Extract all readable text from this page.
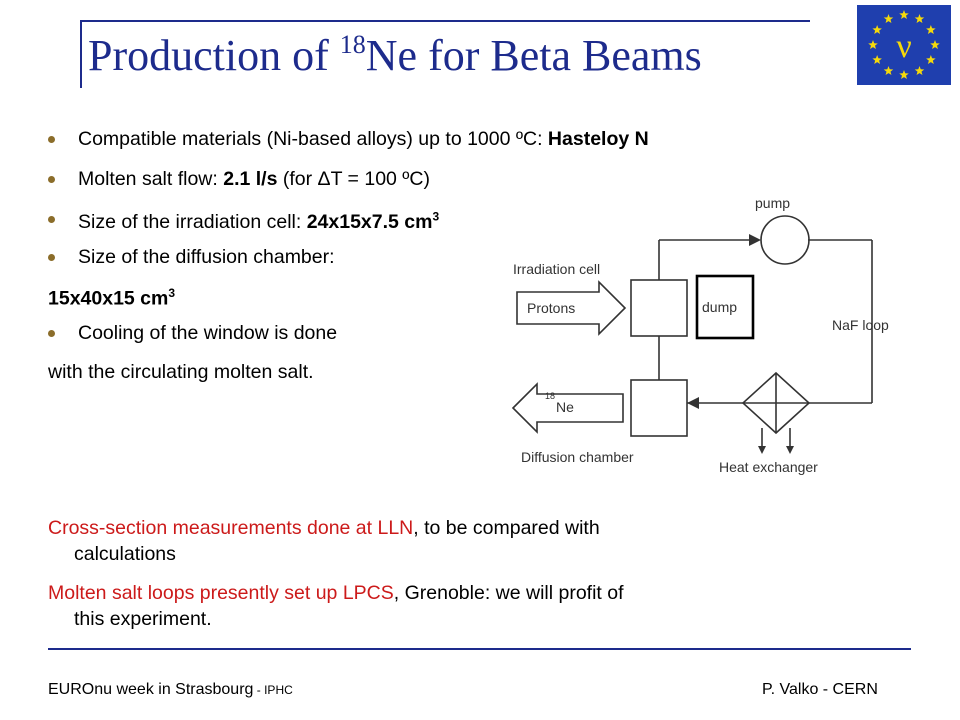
Production of $^{18}$Ne for Beta Beams	ν
Compatible materials (Ni-based alloys) up to 1000 ºC: Hasteloy N
Molten salt flow: 2.1 l/s (for ΔT = 100 ºC)
Size of the irradiation cell: 24x15x7.5 $cm^3$
Size of the diffusion chamber:
15x40x15 $cm^3$
Cooling of the window is done
with the circulating molten salt.
pump
Irradiation cell
dump
Protons
NaF loop
Diffusion chamber
18
Ne
Heat exchanger
Cross-section measurements done at LLN, to be compared with
calculations
Molten salt loops presently set up LPCS, Grenoble: we will profit of
this experiment.
EUROnu week in Strasbourg - IPHC	P. Valko - CERN
